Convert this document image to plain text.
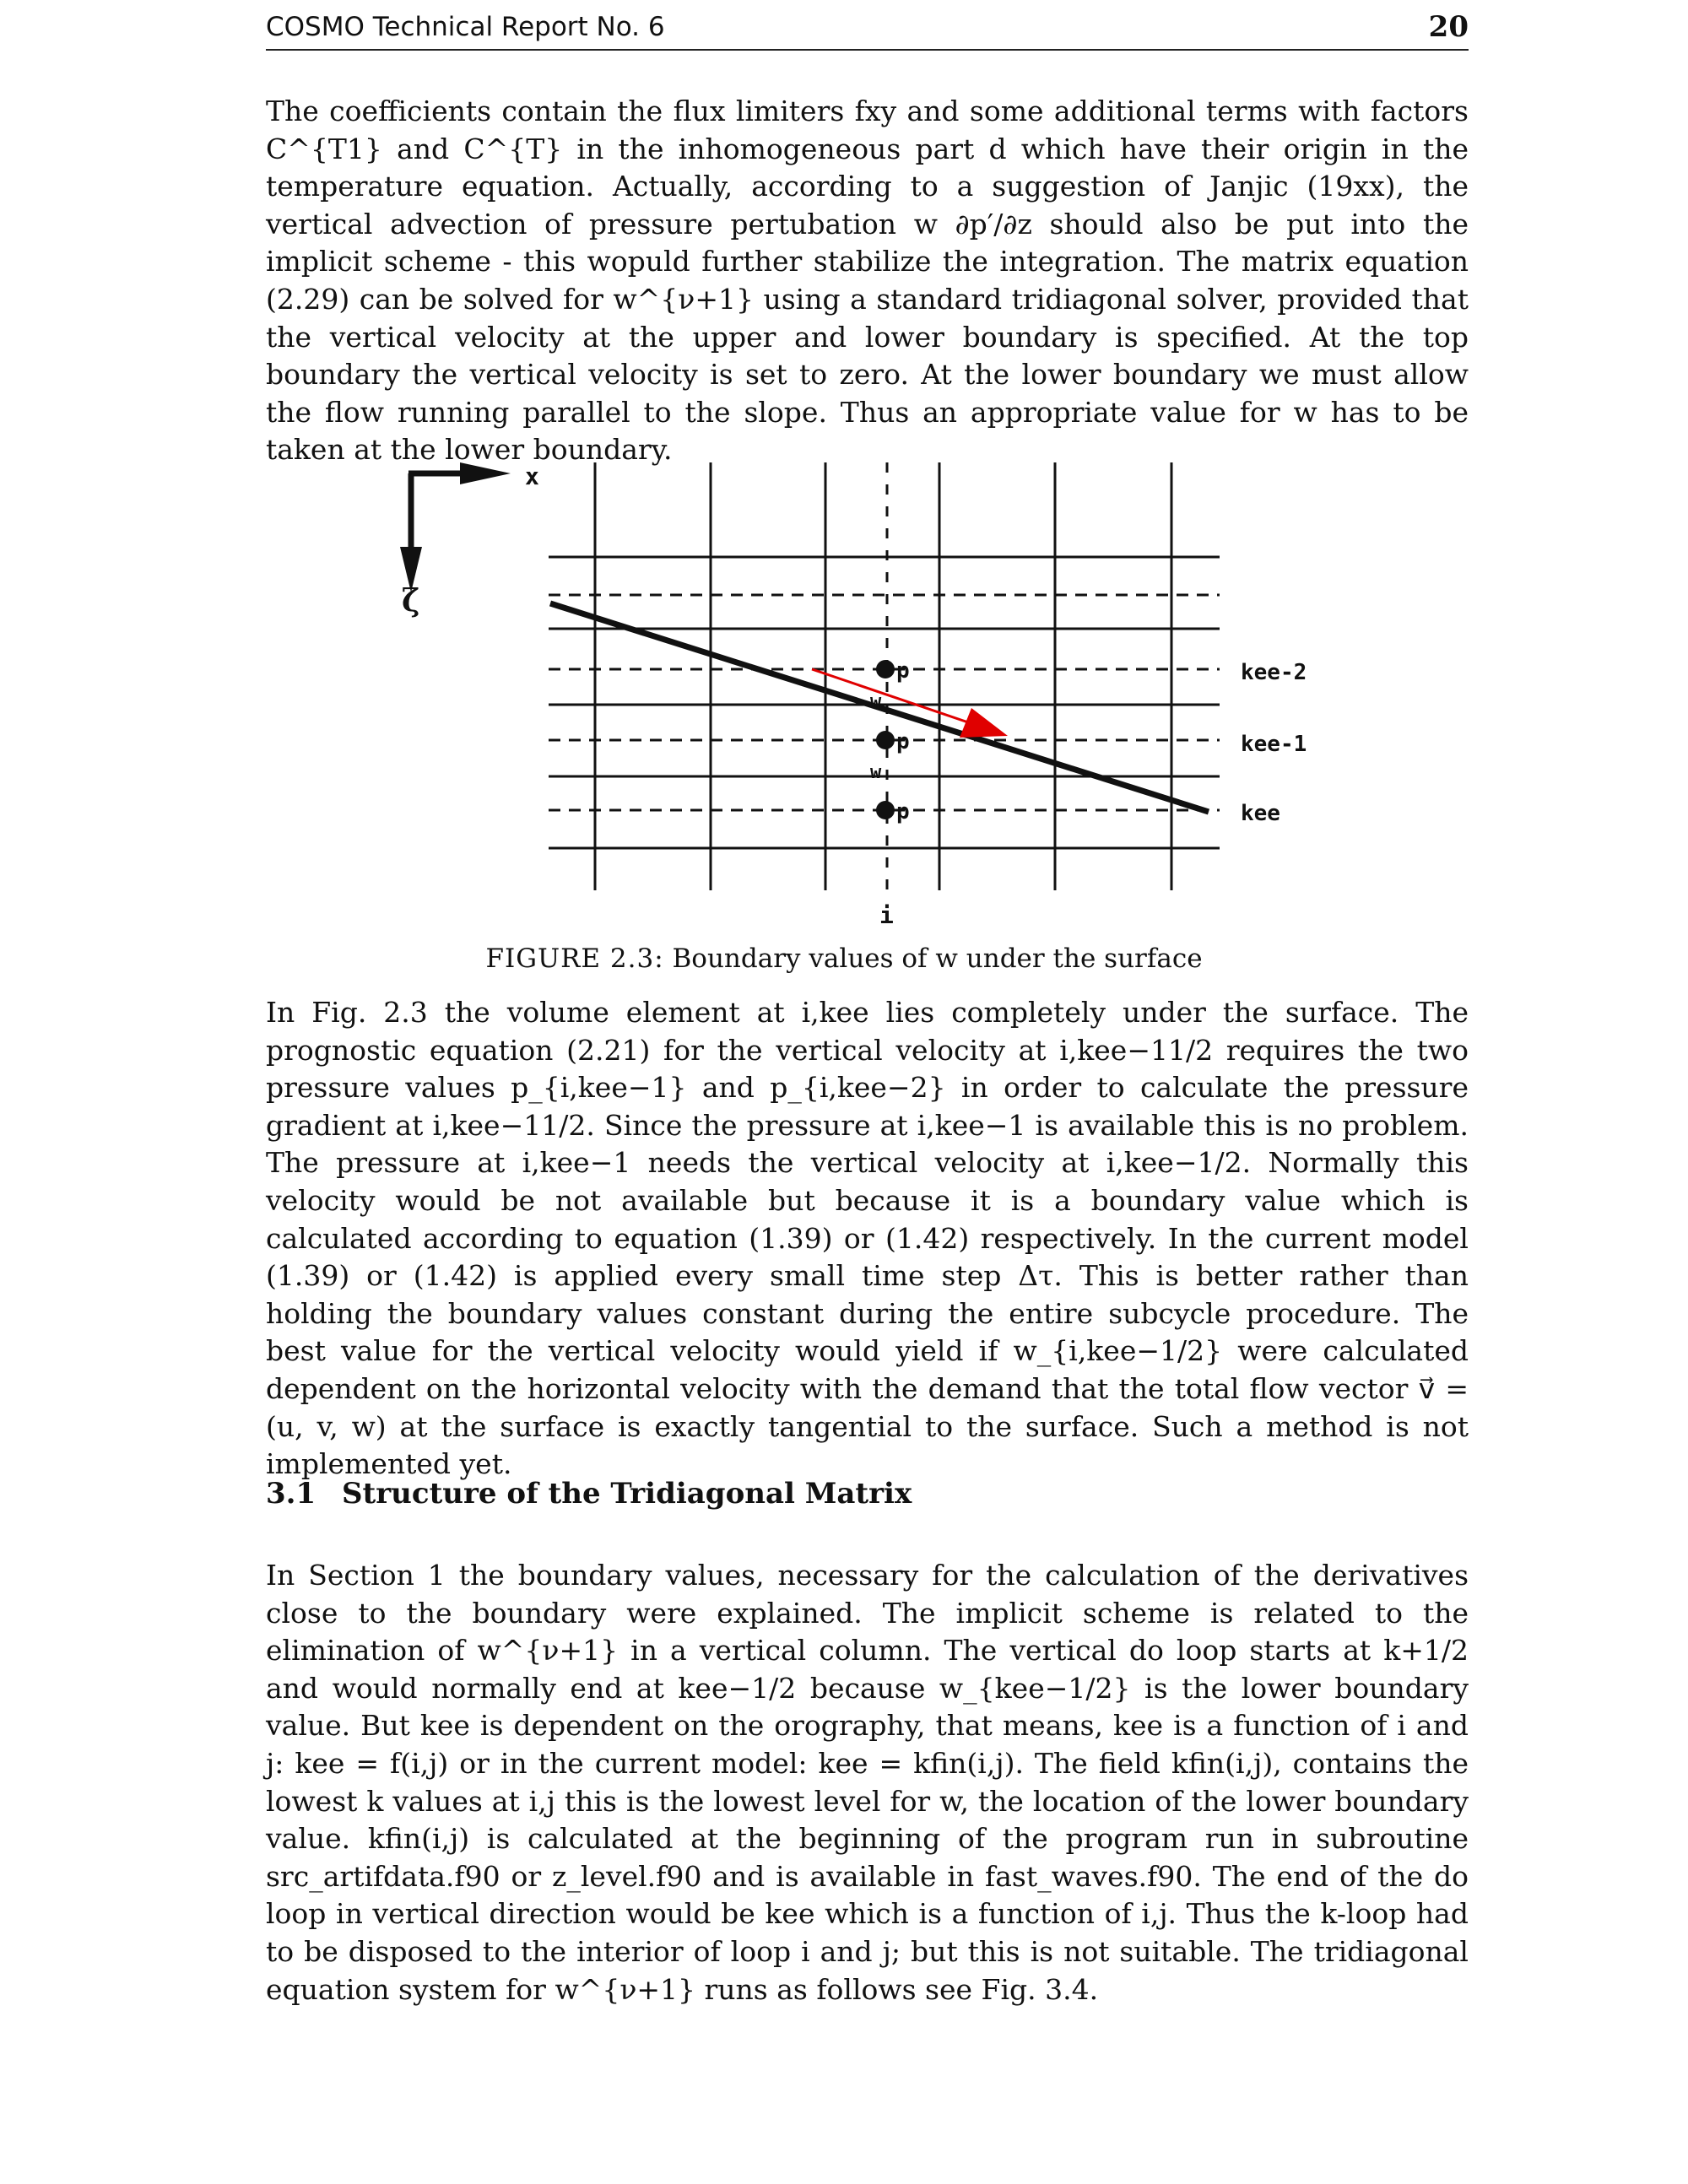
COSMO Technical Report No. 6	20

The coefficients contain the flux limiters fxy and some additional terms with factors C^{T1} and C^{T} in the inhomogeneous part d which have their origin in the temperature equation. Actually, according to a suggestion of Janjic (19xx), the vertical advection of pressure pertubation w ∂p′/∂z should also be put into the implicit scheme - this wopuld further stabilize the integration. The matrix equation (2.29) can be solved for w^{ν+1} using a standard tridiagonal solver, provided that the vertical velocity at the upper and lower boundary is specified. At the top boundary the vertical velocity is set to zero. At the lower boundary we must allow the flow running parallel to the slope. Thus an appropriate value for w has to be taken at the lower boundary.

x
ζ
p
p
p
w
w
kee-2
kee-1
kee
i
FIGURE 2.3: Boundary values of w under the surface

In Fig. 2.3 the volume element at i,kee lies completely under the surface. The prognostic equation (2.21) for the vertical velocity at i,kee−11/2 requires the two pressure values p_{i,kee−1} and p_{i,kee−2} in order to calculate the pressure gradient at i,kee−11/2. Since the pressure at i,kee−1 is available this is no problem. The pressure at i,kee−1 needs the vertical velocity at i,kee−1/2. Normally this velocity would be not available but because it is a boundary value which is calculated according to equation (1.39) or (1.42) respectively. In the current model (1.39) or (1.42) is applied every small time step Δτ. This is better rather than holding the boundary values constant during the entire subcycle procedure. The best value for the vertical velocity would yield if w_{i,kee−1/2} were calculated dependent on the horizontal velocity with the demand that the total flow vector v⃗ = (u, v, w) at the surface is exactly tangential to the surface. Such a method is not implemented yet.

3.1 Structure of the Tridiagonal Matrix

In Section 1 the boundary values, necessary for the calculation of the derivatives close to the boundary were explained. The implicit scheme is related to the elimination of w^{ν+1} in a vertical column. The vertical do loop starts at k+1/2 and would normally end at kee−1/2 because w_{kee−1/2} is the lower boundary value. But kee is dependent on the orography, that means, kee is a function of i and j: kee = f(i,j) or in the current model: kee = kfin(i,j). The field kfin(i,j), contains the lowest k values at i,j this is the lowest level for w, the location of the lower boundary value. kfin(i,j) is calculated at the beginning of the program run in subroutine src_artifdata.f90 or z_level.f90 and is available in fast_waves.f90. The end of the do loop in vertical direction would be kee which is a function of i,j. Thus the k-loop had to be disposed to the interior of loop i and j; but this is not suitable. The tridiagonal equation system for w^{ν+1} runs as follows see Fig. 3.4.
